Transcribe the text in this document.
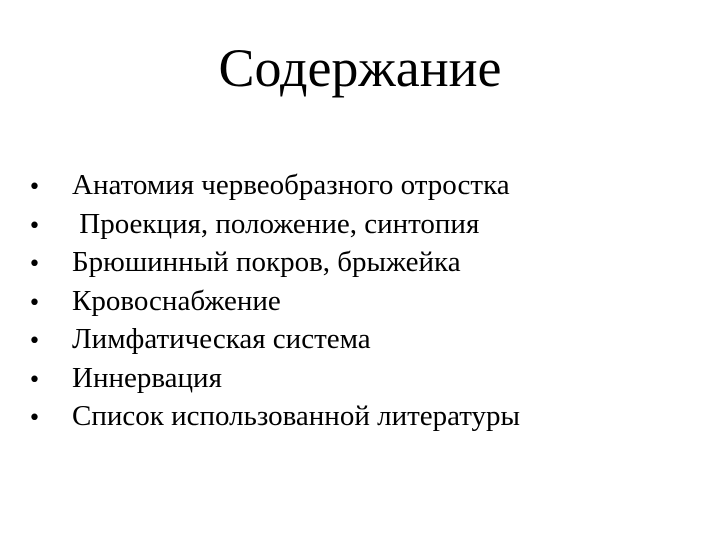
Содержание
•	Анатомия червеобразного отростка
•	Проекция, положение, синтопия
•	Брюшинный покров, брыжейка
•	Кровоснабжение
•	Лимфатическая система
•	Иннервация
•	Список использованной литературы
